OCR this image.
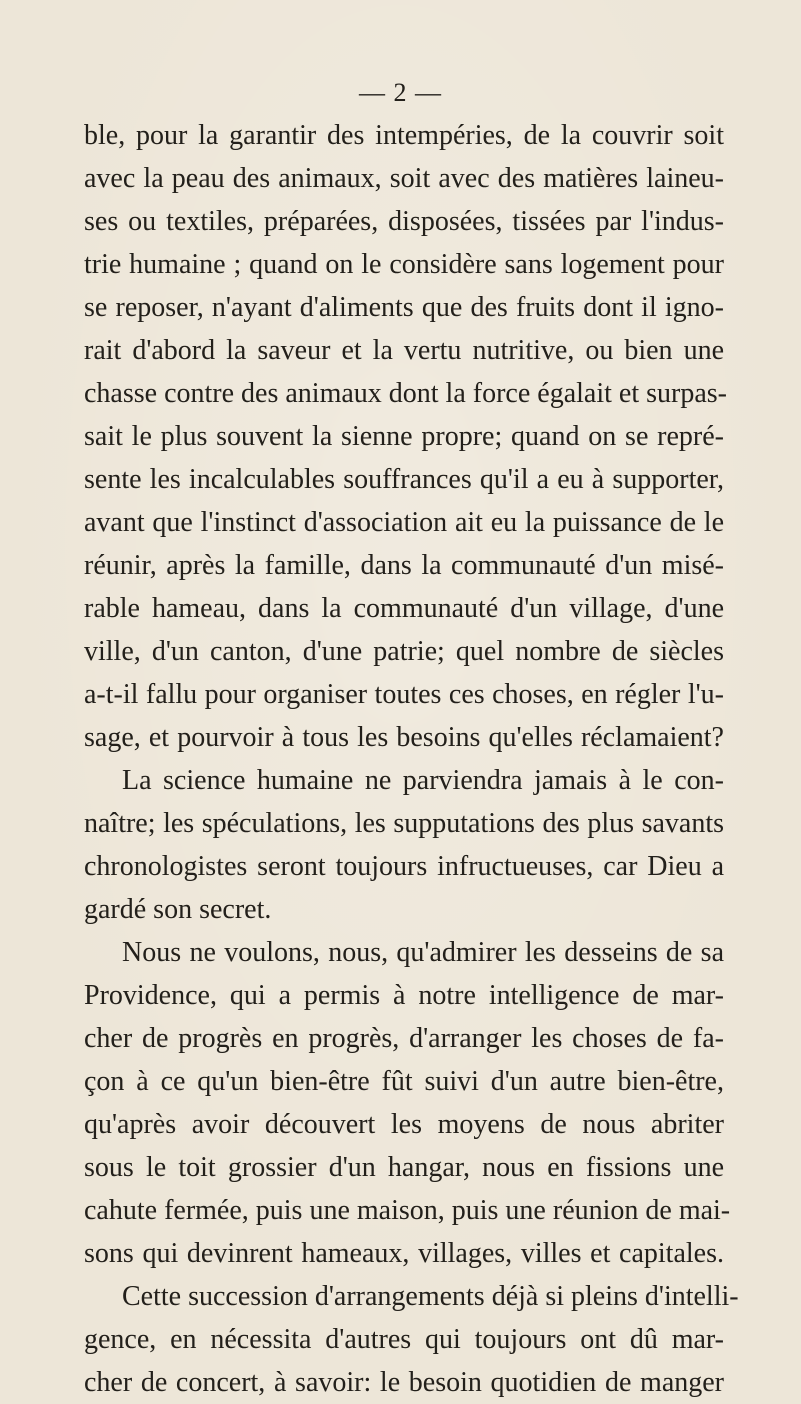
— 2 —
ble, pour la garantir des intempéries, de la couvrir soit
avec la peau des animaux, soit avec des matières laineu-
ses ou textiles, préparées, disposées, tissées par l'indus-
trie humaine ; quand on le considère sans logement pour
se reposer, n'ayant d'aliments que des fruits dont il igno-
rait d'abord la saveur et la vertu nutritive, ou bien une
chasse contre des animaux dont la force égalait et surpas-
sait le plus souvent la sienne propre; quand on se repré-
sente les incalculables souffrances qu'il a eu à supporter,
avant que l'instinct d'association ait eu la puissance de le
réunir, après la famille, dans la communauté d'un misé-
rable hameau, dans la communauté d'un village, d'une
ville, d'un canton, d'une patrie; quel nombre de siècles
a-t-il fallu pour organiser toutes ces choses, en régler l'u-
sage, et pourvoir à tous les besoins qu'elles réclamaient?
La science humaine ne parviendra jamais à le con-
naître; les spéculations, les supputations des plus savants
chronologistes seront toujours infructueuses, car Dieu a
gardé son secret.
Nous ne voulons, nous, qu'admirer les desseins de sa
Providence, qui a permis à notre intelligence de mar-
cher de progrès en progrès, d'arranger les choses de fa-
çon à ce qu'un bien-être fût suivi d'un autre bien-être,
qu'après avoir découvert les moyens de nous abriter
sous le toit grossier d'un hangar, nous en fissions une
cahute fermée, puis une maison, puis une réunion de mai-
sons qui devinrent hameaux, villages, villes et capitales.
Cette succession d'arrangements déjà si pleins d'intelli-
gence, en nécessita d'autres qui toujours ont dû mar-
cher de concert, à savoir: le besoin quotidien de manger
